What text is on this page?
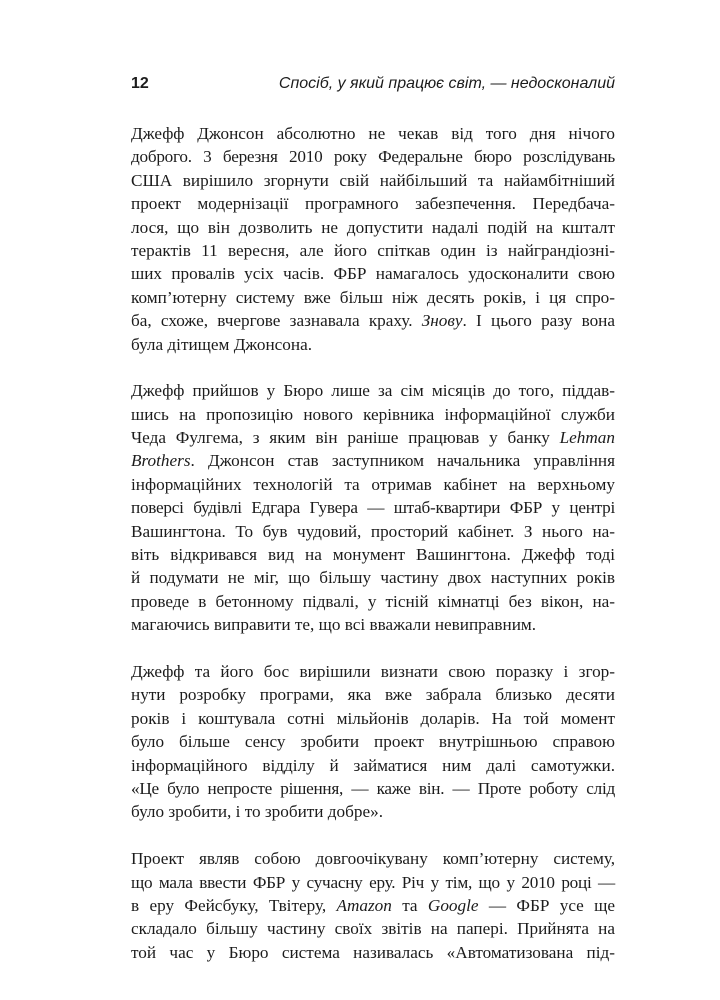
12	Спосіб, у який працює світ, — недосконалий

Джефф Джонсон абсолютно не чекав від того дня нічого
доброго. 3 березня 2010 року Федеральне бюро розслідувань
США вирішило згорнути свій найбільший та найамбітніший
проект модернізації програмного забезпечення. Передбача-
лося, що він дозволить не допустити надалі подій на кшталт
терактів 11 вересня, але його спіткав один із найграндіозні-
ших провалів усіх часів. ФБР намагалось удосконалити свою
комп’ютерну систему вже більш ніж десять років, і ця спро-
ба, схоже, вчергове зазнавала краху. Знову. І цього разу вона
була дітищем Джонсона.

Джефф прийшов у Бюро лише за сім місяців до того, піддав-
шись на пропозицію нового керівника інформаційної служби
Чеда Фулгема, з яким він раніше працював у банку Lehman
Brothers. Джонсон став заступником начальника управління
інформаційних технологій та отримав кабінет на верхньому
поверсі будівлі Едгара Гувера — штаб-квартири ФБР у центрі
Вашингтона. То був чудовий, просторий кабінет. З нього на-
віть відкривався вид на монумент Вашингтона. Джефф тоді
й подумати не міг, що більшу частину двох наступних років
проведе в бетонному підвалі, у тісній кімнатці без вікон, на-
магаючись виправити те, що всі вважали невиправним.

Джефф та його бос вирішили визнати свою поразку і згор-
нути розробку програми, яка вже забрала близько десяти
років і коштувала сотні мільйонів доларів. На той момент
було більше сенсу зробити проект внутрішньою справою
інформаційного відділу й займатися ним далі самотужки.
«Це було непросте рішення, — каже він. — Проте роботу слід
було зробити, і то зробити добре».

Проект являв собою довгоочікувану комп’ютерну систему,
що мала ввести ФБР у сучасну еру. Річ у тім, що у 2010 році —
в еру Фейсбуку, Твітеру, Amazon та Google — ФБР усе ще
складало більшу частину своїх звітів на папері. Прийнята на
той час у Бюро система називалась «Автоматизована під-
